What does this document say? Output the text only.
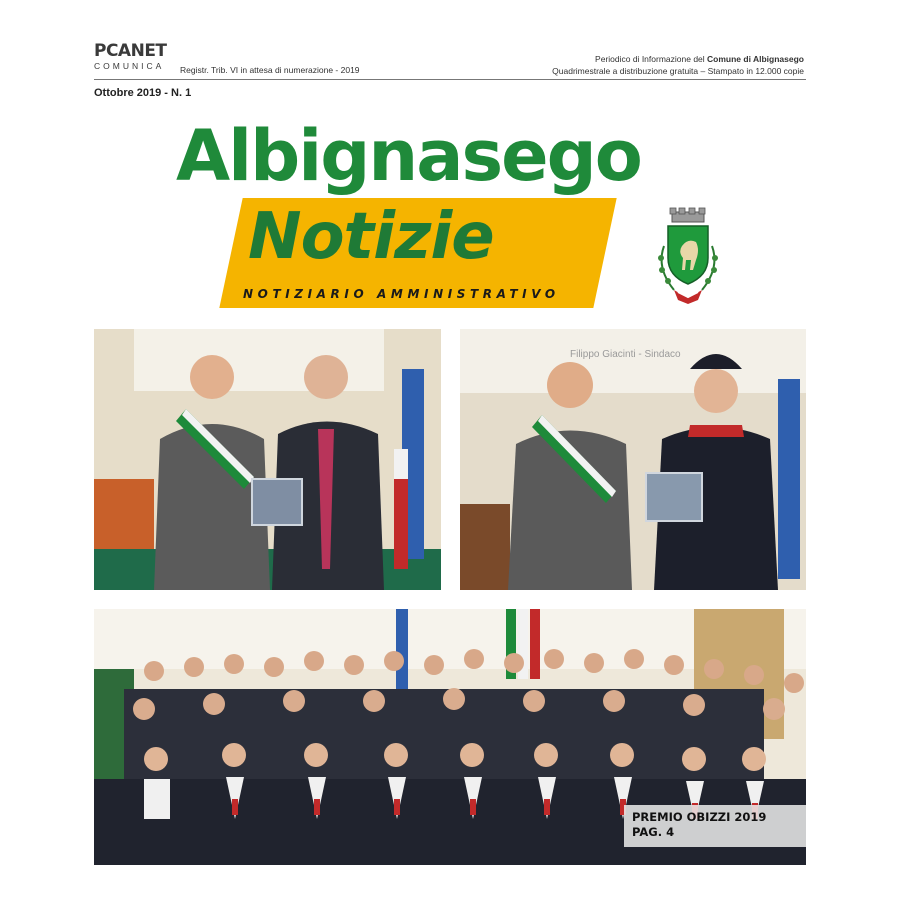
PCANET
COMUNICA	Registr. Trib. VI in attesa di numerazione - 2019
Periodico di Informazione del Comune di Albignasego
Quadrimestrale a distribuzione gratuita – Stampato in 12.000 copie
Ottobre 2019 - N. 1
Albignasego
Notizie
NOTIZIARIO AMMINISTRATIVO
Filippo Giacinti - Sindaco
PREMIO OBIZZI 2019
PAG. 4
